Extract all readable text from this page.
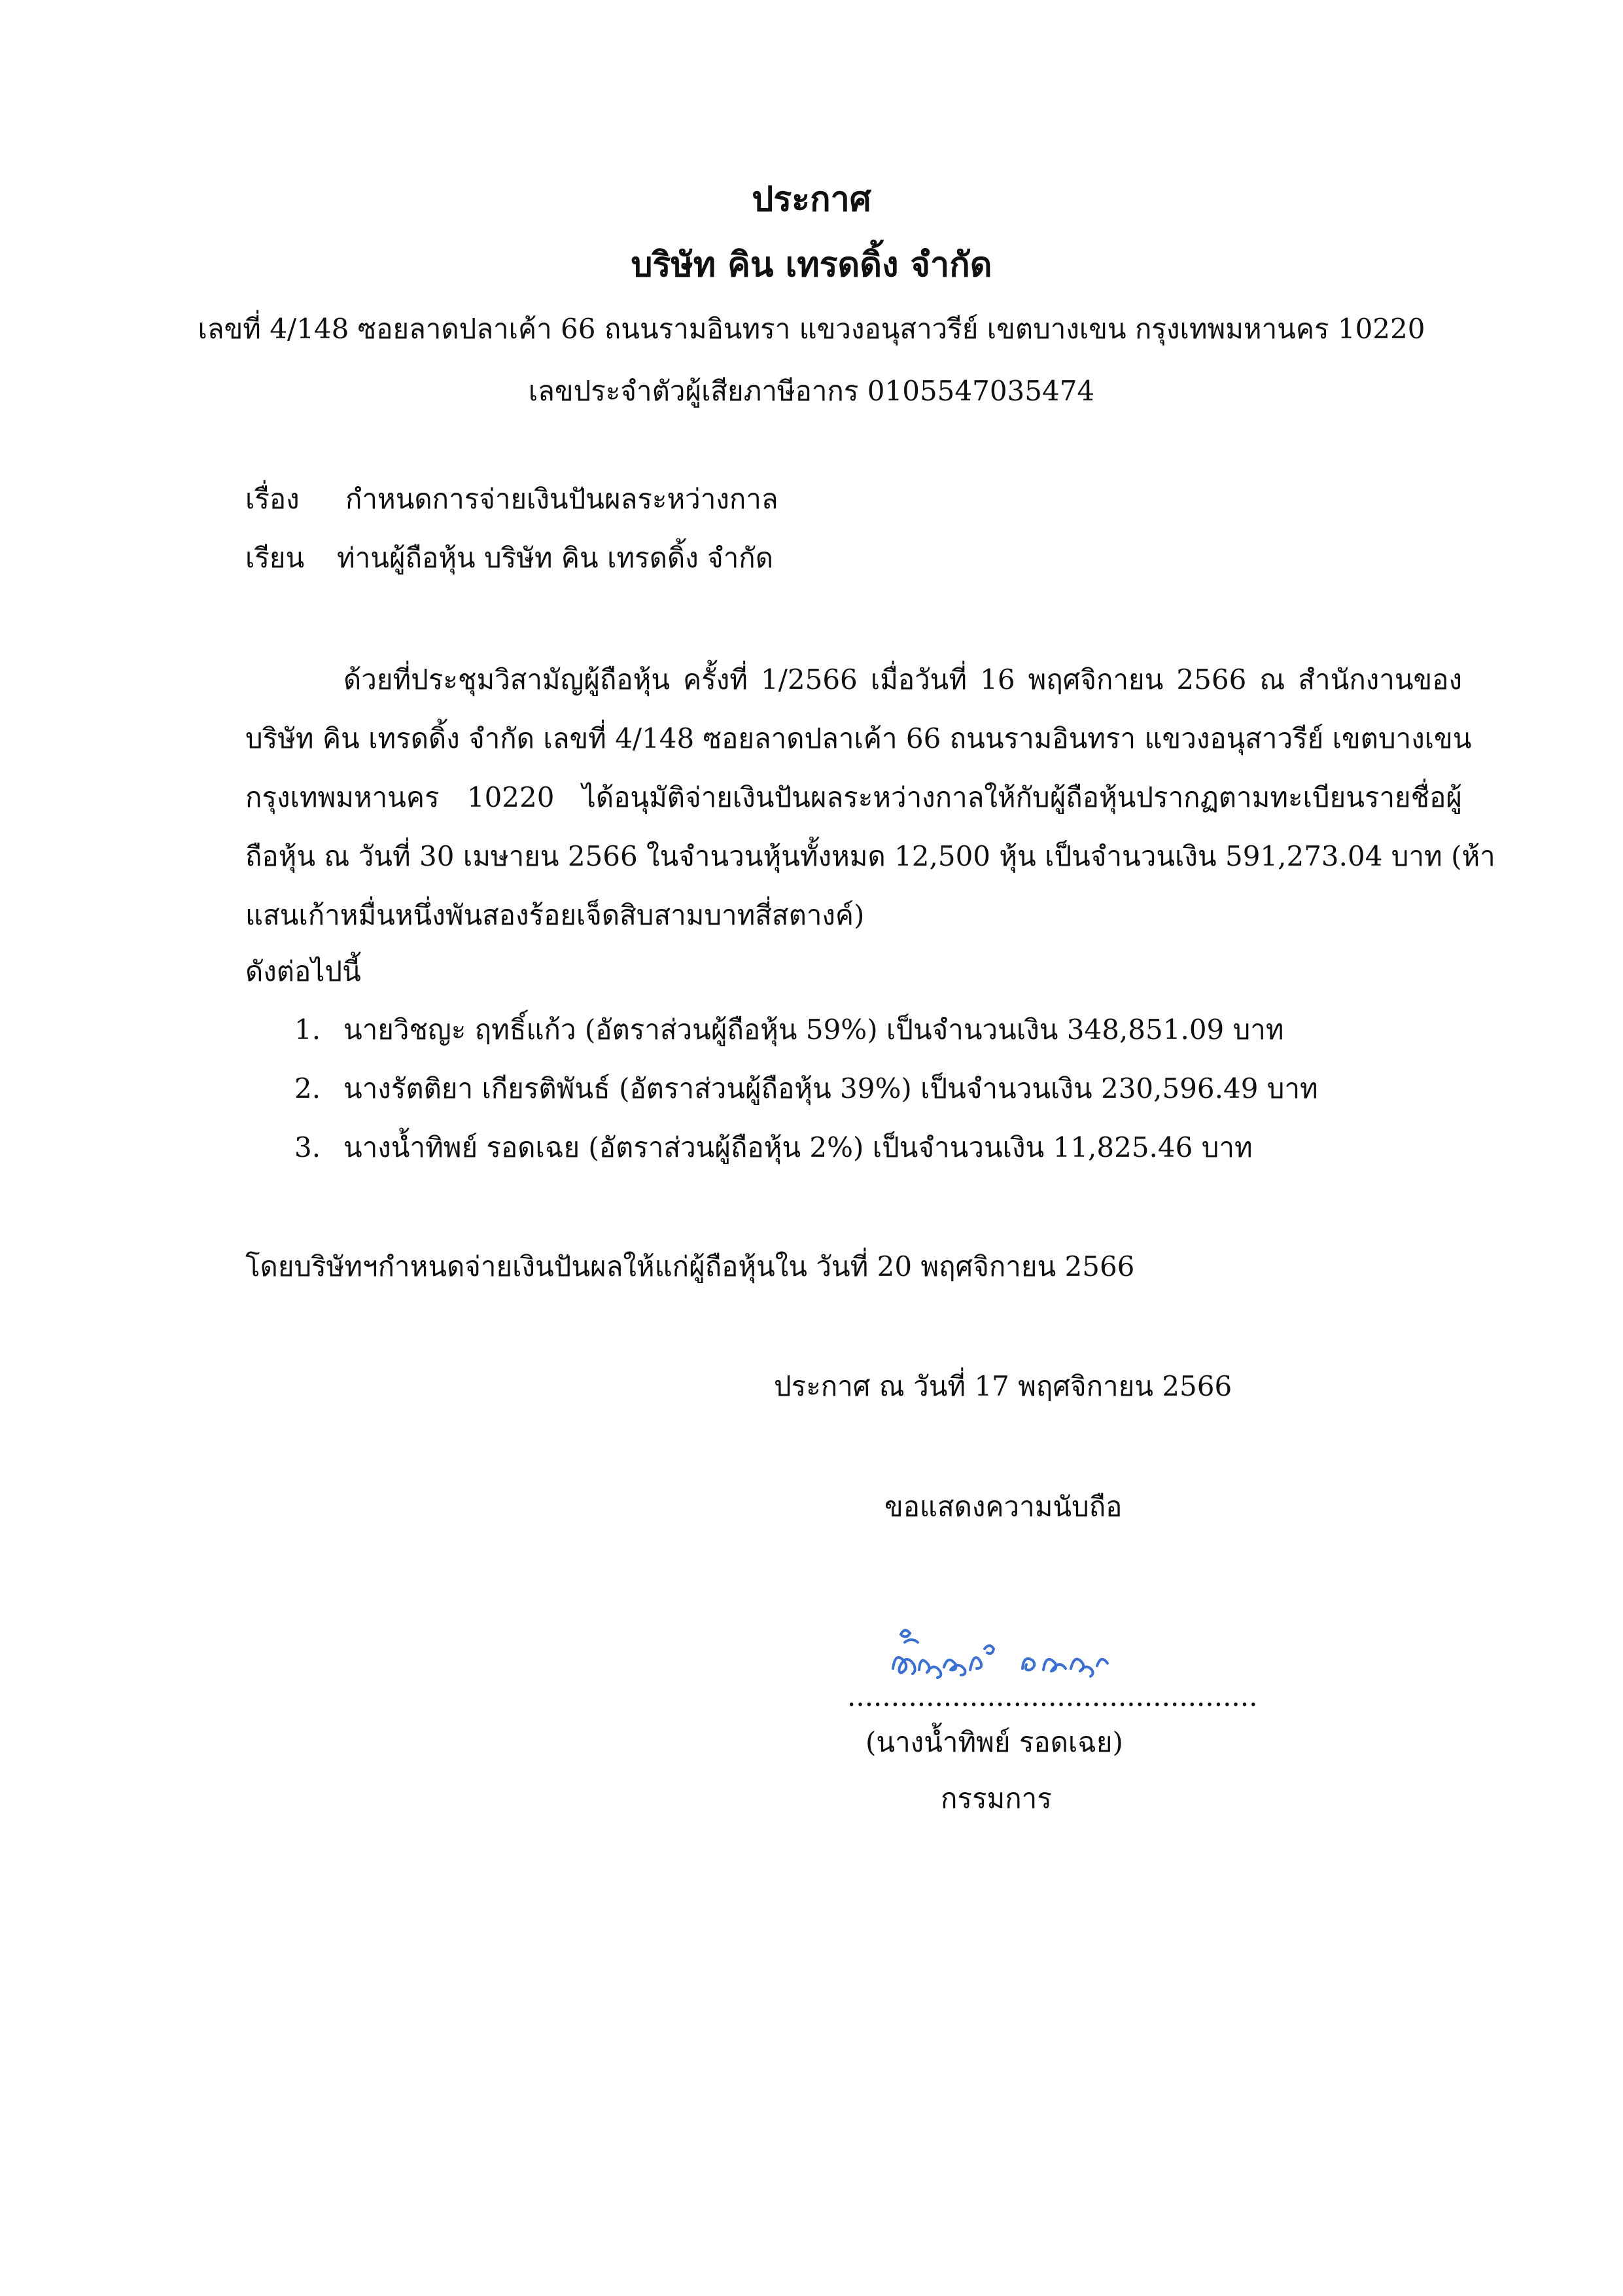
ประกาศ
บริษัท คิน เทรดดิ้ง จำกัด
เลขที่ 4/148 ซอยลาดปลาเค้า 66 ถนนรามอินทรา แขวงอนุสาวรีย์ เขตบางเขน กรุงเทพมหานคร 10220
เลขประจำตัวผู้เสียภาษีอากร 0105547035474
เรื่อง กำหนดการจ่ายเงินปันผลระหว่างกาล
เรียน ท่านผู้ถือหุ้น บริษัท คิน เทรดดิ้ง จำกัด
ด้วยที่ประชุมวิสามัญผู้ถือหุ้น ครั้งที่ 1/2566 เมื่อวันที่ 16 พฤศจิกายน 2566 ณ สำนักงานของ
บริษัท คิน เทรดดิ้ง จำกัด เลขที่ 4/148 ซอยลาดปลาเค้า 66 ถนนรามอินทรา แขวงอนุสาวรีย์ เขตบางเขน
กรุงเทพมหานคร 10220 ได้อนุมัติจ่ายเงินปันผลระหว่างกาลให้กับผู้ถือหุ้นปรากฏตามทะเบียนรายชื่อผู้
ถือหุ้น ณ วันที่ 30 เมษายน 2566 ในจำนวนหุ้นทั้งหมด 12,500 หุ้น เป็นจำนวนเงิน 591,273.04 บาท (ห้า
แสนเก้าหมื่นหนึ่งพันสองร้อยเจ็ดสิบสามบาทสี่สตางค์)
ดังต่อไปนี้
1. นายวิชญะ ฤทธิ์แก้ว (อัตราส่วนผู้ถือหุ้น 59%) เป็นจำนวนเงิน 348,851.09 บาท
2. นางรัตติยา เกียรติพันธ์ (อัตราส่วนผู้ถือหุ้น 39%) เป็นจำนวนเงิน 230,596.49 บาท
3. นางน้ำทิพย์ รอดเฉย (อัตราส่วนผู้ถือหุ้น 2%) เป็นจำนวนเงิน 11,825.46 บาท
โดยบริษัทฯกำหนดจ่ายเงินปันผลให้แก่ผู้ถือหุ้นใน วันที่ 20 พฤศจิกายน 2566
ประกาศ ณ วันที่ 17 พฤศจิกายน 2566
ขอแสดงความนับถือ
...............................................
(นางน้ำทิพย์ รอดเฉย)
กรรมการ
